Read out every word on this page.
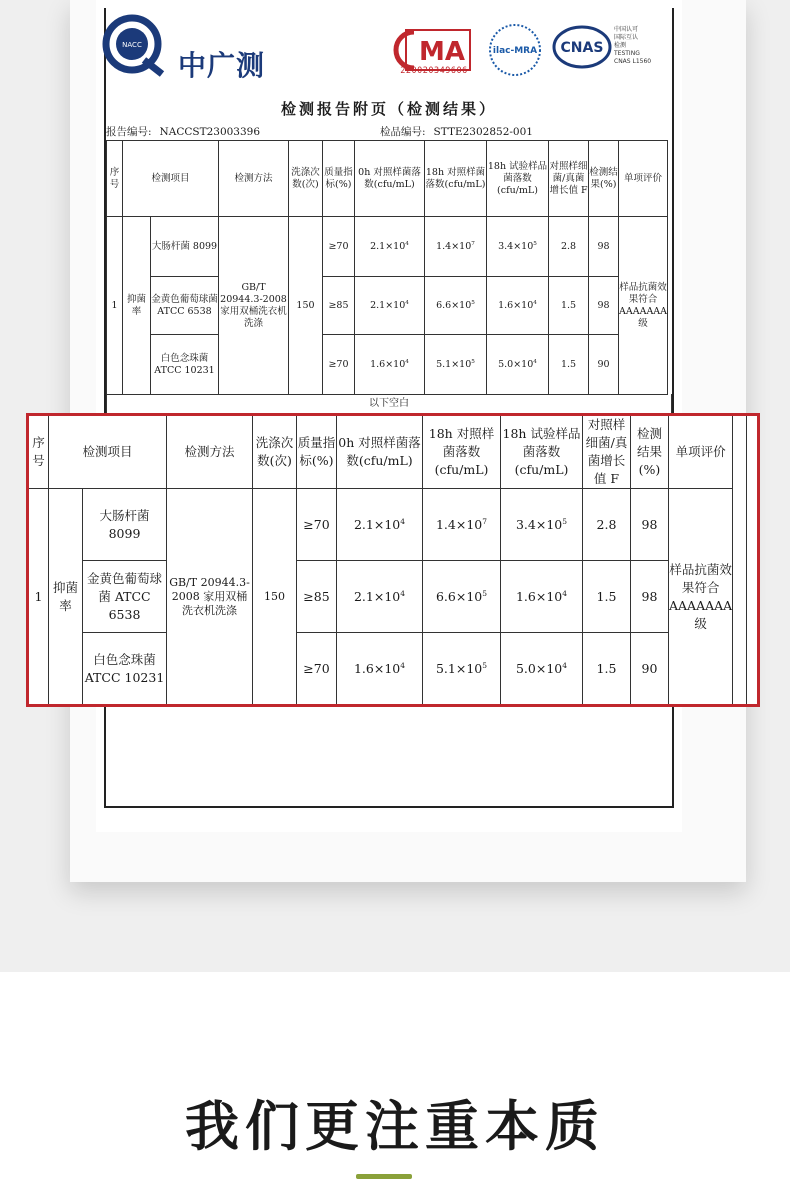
NACC
中广测	MA
220020349606
ilac-MRA CNAS
中国认可
国际互认
检测
TESTING
CNAS L1560
检测报告附页（检测结果）
报告编号: NACCST23003396	检品编号: STTE2302852-001
序号	检测项目		检测方法	洗涤次数(次)	质量指标(%)	0h 对照样菌落数(cfu/mL)	18h 对照样菌落数(cfu/mL)	18h 试验样品菌落数(cfu/mL)	对照样细菌/真菌增长值 F	检测结果(%)	单项评价
1	抑菌率	大肠杆菌 8099	GB/T 20944.3-2008 家用双桶洗衣机洗涤	150	≥70	$2.1\times 10^4$	$1.4\times 10^7$	$3.4\times 10^5$	2.8	98	样品抗菌效果符合AAAAAAA级
		金黄色葡萄球菌 ATCC 6538			≥85	$2.1\times 10^4$	$6.6\times 10^5$	$1.6\times 10^4$	1.5	98	
		白色念珠菌 ATCC 10231			≥70	$1.6\times 10^4$	$5.1\times 10^5$	$5.0\times 10^4$	1.5	90	
以下空白
序号	检测项目		检测方法	洗涤次数(次)	质量指标(%)	0h 对照样菌落数(cfu/mL)	18h 对照样菌落数(cfu/mL)	18h 试验样品菌落数(cfu/mL)	对照样细菌/真菌增长值 F	检测结果(%)	单项评价	
1	抑菌率	大肠杆菌 8099	GB/T 20944.3-2008 家用双桶洗衣机洗涤	150	≥70	$2.1\times 10^4$	$1.4\times 10^7$	$3.4\times 10^5$	2.8	98	样品抗菌效果符合AAAAAAA级	
		金黄色葡萄球菌 ATCC 6538			≥85	$2.1\times 10^4$	$6.6\times 10^5$	$1.6\times 10^4$	1.5	98		
		白色念珠菌 ATCC 10231			≥70	$1.6\times 10^4$	$5.1\times 10^5$	$5.0\times 10^4$	1.5	90		
我们更注重本质
